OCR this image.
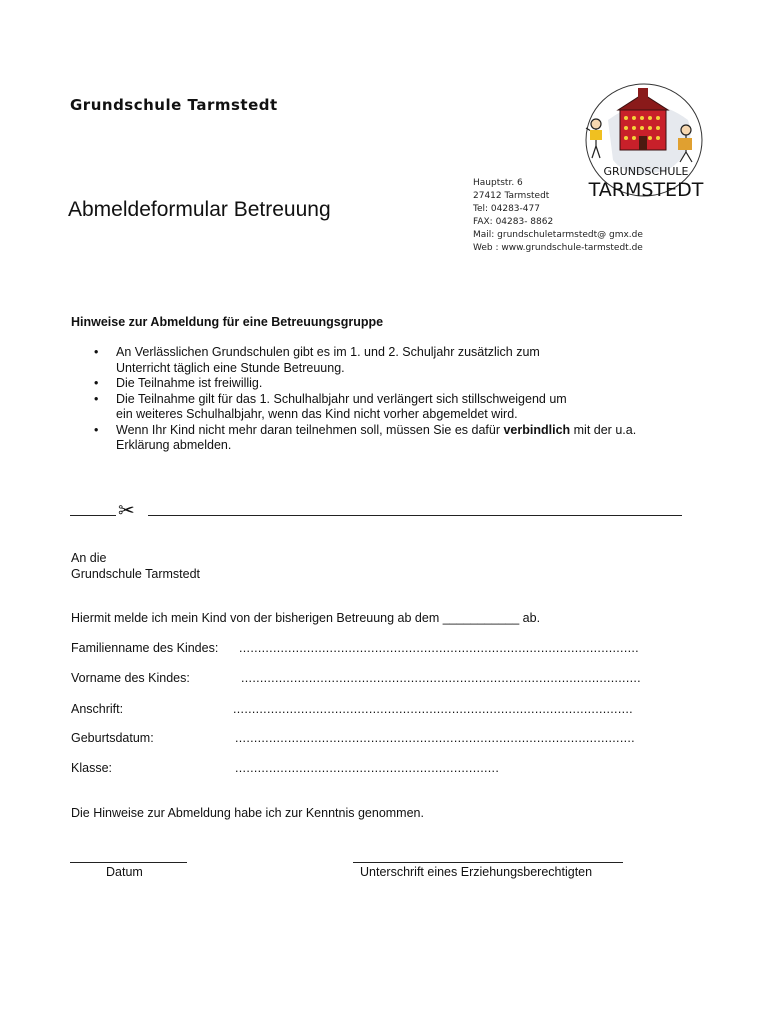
Grundschule Tarmstedt
Abmeldeformular Betreuung
GRUNDSCHULE
TARMSTEDT
Hauptstr. 6
27412 Tarmstedt
Tel: 04283-477
FAX: 04283- 8862
Mail: grundschuletarmstedt@ gmx.de
Web : www.grundschule-tarmstedt.de
Hinweise zur Abmeldung für eine Betreuungsgruppe
• An Verlässlichen Grundschulen gibt es im 1. und 2. Schuljahr zusätzlich zum
Unterricht täglich eine Stunde Betreuung.
• Die Teilnahme ist freiwillig.
• Die Teilnahme gilt für das 1. Schulhalbjahr und verlängert sich stillschweigend um
ein weiteres Schulhalbjahr, wenn das Kind nicht vorher abgemeldet wird.
• Wenn Ihr Kind nicht mehr daran teilnehmen soll, müssen Sie es dafür verbindlich mit der u.a.
Erklärung abmelden.
✂
An die
Grundschule Tarmstedt
Hiermit melde ich mein Kind von der bisherigen Betreuung ab dem ___________ ab.
Familienname des Kindes: ..........................................................................................................
Vorname des Kindes:	..........................................................................................................
Anschrift:	..........................................................................................................
Geburtsdatum:	..........................................................................................................
Klasse:	......................................................................
Die Hinweise zur Abmeldung habe ich zur Kenntnis genommen.
Datum	Unterschrift eines Erziehungsberechtigten
